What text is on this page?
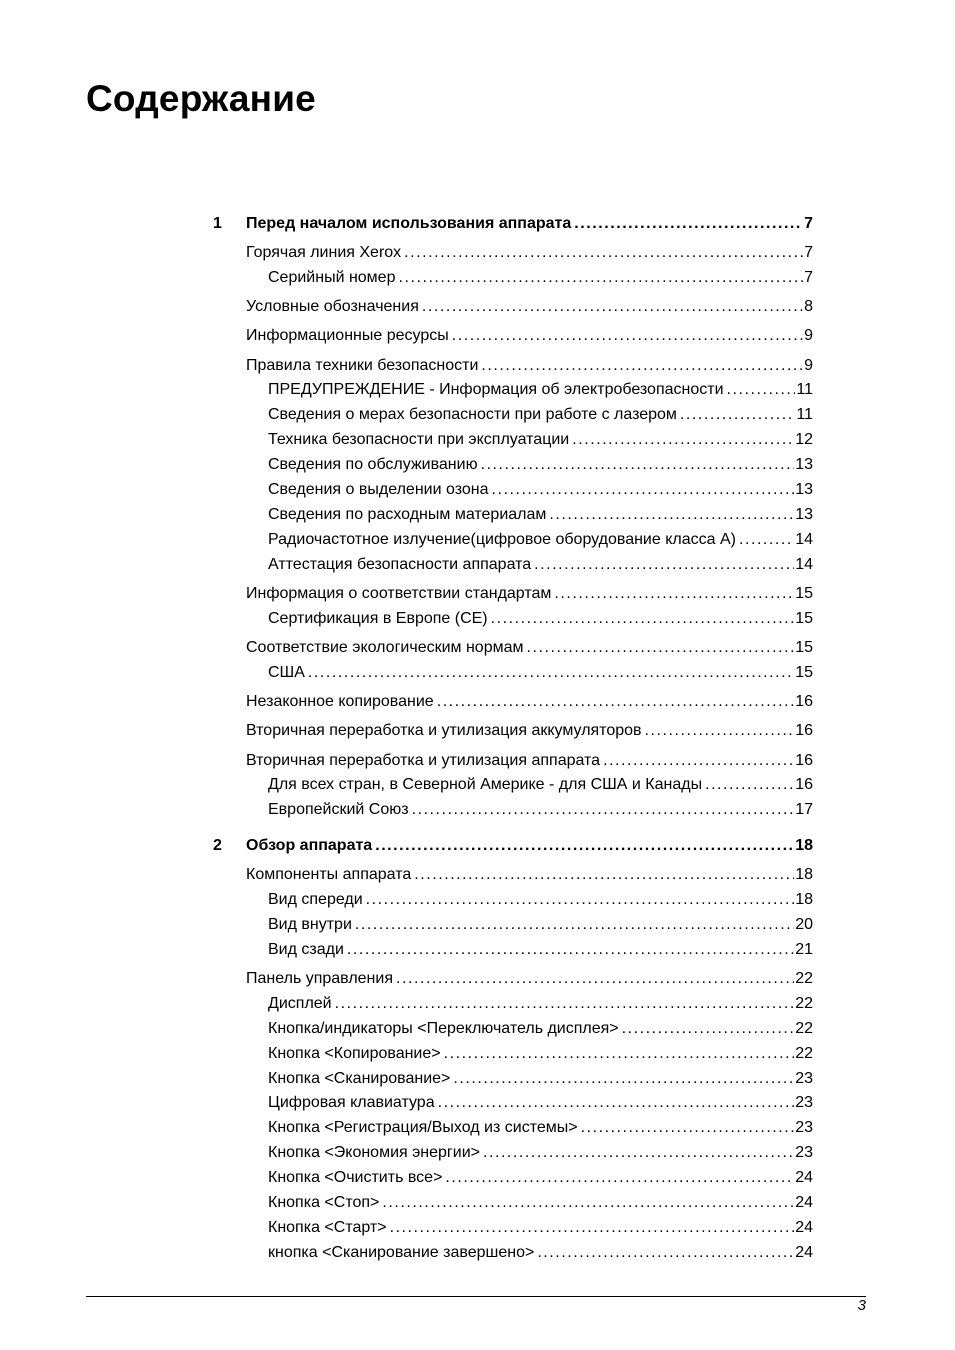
Содержание
1 Перед началом использования аппарата . . .	7
Горячая линия Xerox . . .	7
Серийный номер . . .	7
Условные обозначения . . .	8
Информационные ресурсы . . .	9
Правила техники безопасности . . .	9
ПРЕДУПРЕЖДЕНИЕ - Информация об электробезопасности . . .	11
Сведения о мерах безопасности при работе с лазером . . .	11
Техника безопасности при эксплуатации . . .	12
Сведения по обслуживанию . . .	13
Сведения о выделении озона . . .	13
Сведения по расходным материалам . . .	13
Радиочастотное излучение(цифровое оборудование класса A) . . .	14
Аттестация безопасности аппарата . . .	14
Информация о соответствии стандартам . . .	15
Сертификация в Европе (CE) . . .	15
Соответствие экологическим нормам . . .	15
США . . .	15
Незаконное копирование . . .	16
Вторичная переработка и утилизация аккумуляторов . . .	16
Вторичная переработка и утилизация аппарата . . .	16
Для всех стран, в Северной Америке - для США и Канады . . .	16
Европейский Союз . . .	17
2 Обзор аппарата . . .	18
Компоненты аппарата . . .	18
Вид спереди . . .	18
Вид внутри . . .	20
Вид сзади . . .	21
Панель управления . . .	22
Дисплей . . .	22
Кнопка/индикаторы <Переключатель дисплея> . . .	22
Кнопка <Копирование> . . .	22
Кнопка <Сканирование> . . .	23
Цифровая клавиатура . . .	23
Кнопка <Регистрация/Выход из системы> . . .	23
Кнопка <Экономия энергии> . . .	23
Кнопка <Очистить все> . . .	24
Кнопка <Стоп> . . .	24
Кнопка <Старт> . . .	24
кнопка <Сканирование завершено> . . .	24
3
